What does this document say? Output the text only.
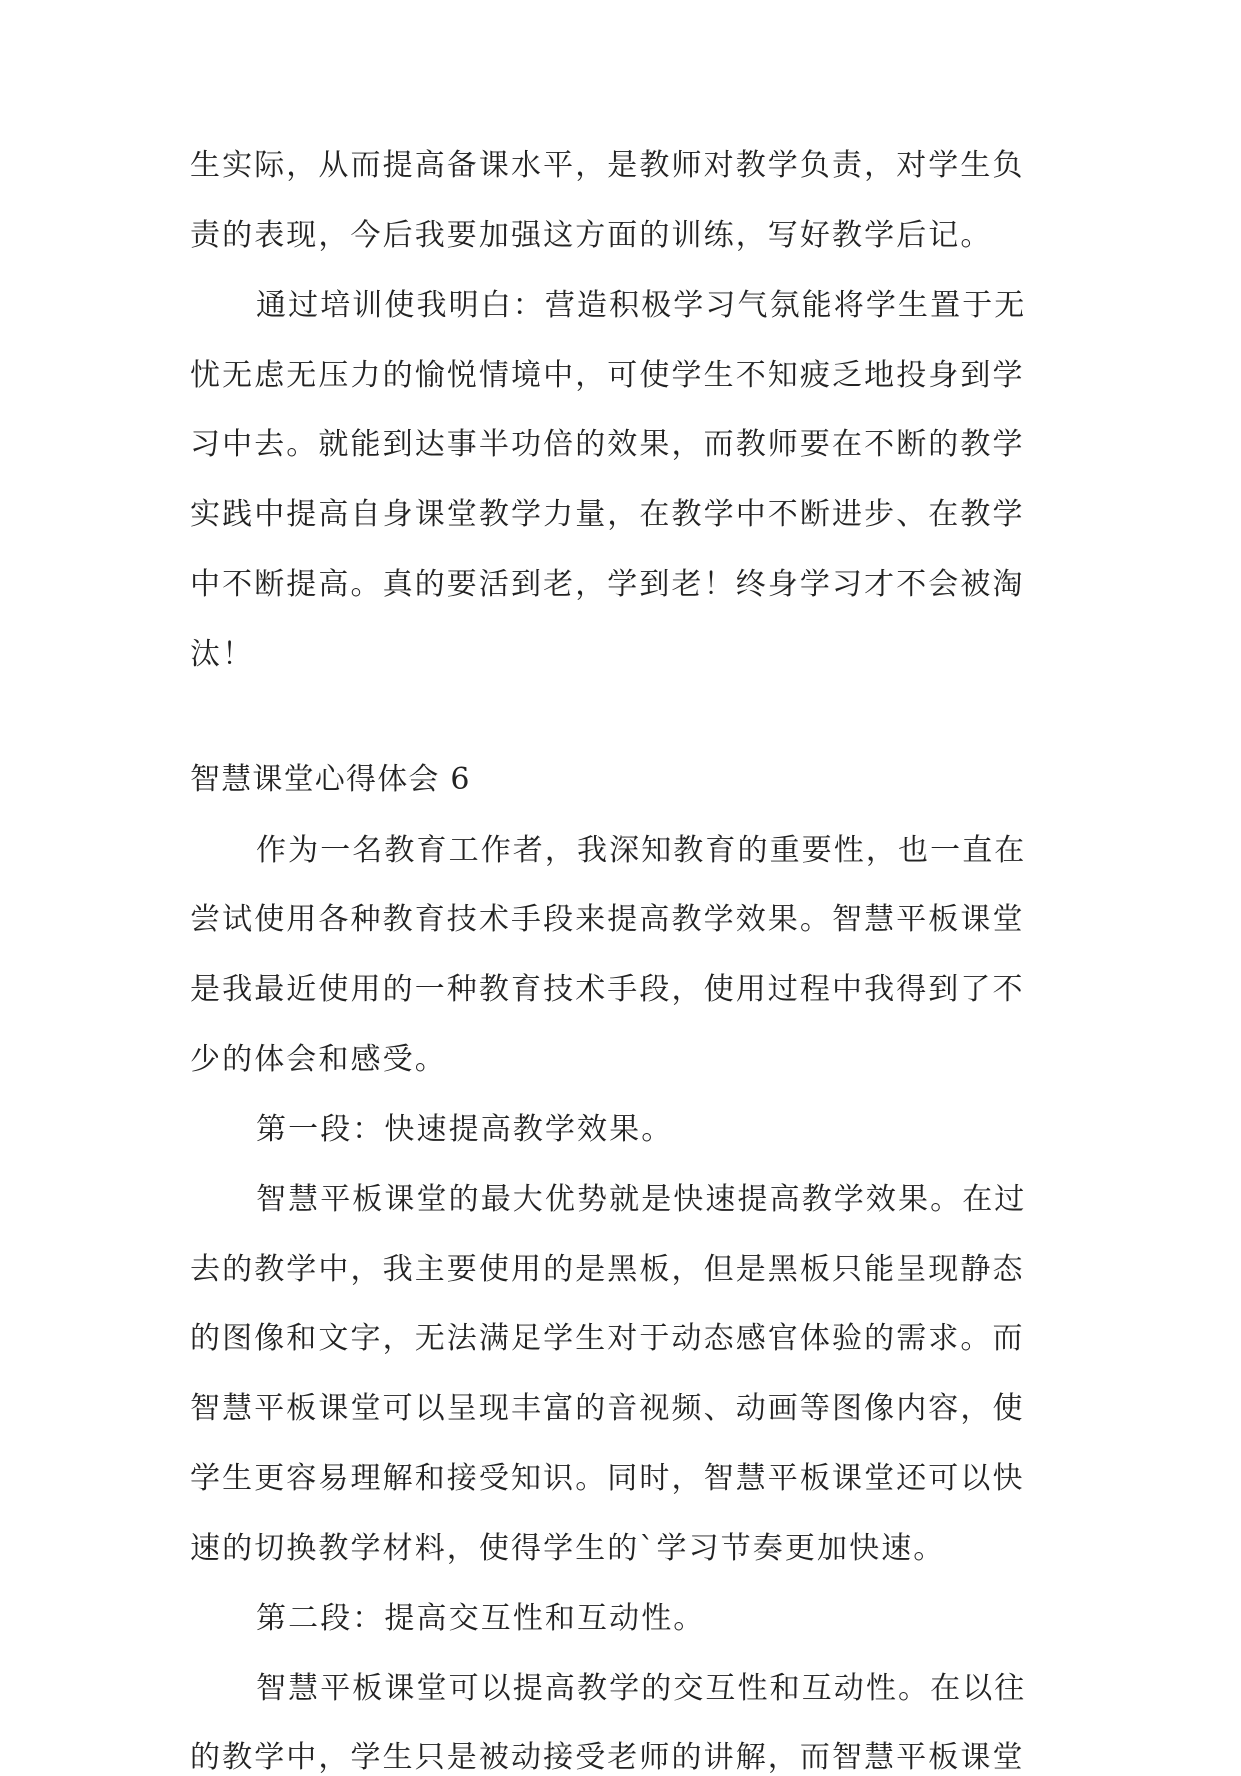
生实际，从而提高备课水平，是教师对教学负责，对学生负
责的表现，今后我要加强这方面的训练，写好教学后记。
通过培训使我明白：营造积极学习气氛能将学生置于无
忧无虑无压力的愉悦情境中，可使学生不知疲乏地投身到学
习中去。就能到达事半功倍的效果，而教师要在不断的教学
实践中提高自身课堂教学力量，在教学中不断进步、在教学
中不断提高。真的要活到老，学到老！终身学习才不会被淘
汰！
智慧课堂心得体会 6
作为一名教育工作者，我深知教育的重要性，也一直在
尝试使用各种教育技术手段来提高教学效果。智慧平板课堂
是我最近使用的一种教育技术手段，使用过程中我得到了不
少的体会和感受。
第一段：快速提高教学效果。
智慧平板课堂的最大优势就是快速提高教学效果。在过
去的教学中，我主要使用的是黑板，但是黑板只能呈现静态
的图像和文字，无法满足学生对于动态感官体验的需求。而
智慧平板课堂可以呈现丰富的音视频、动画等图像内容，使
学生更容易理解和接受知识。同时，智慧平板课堂还可以快
速的切换教学材料，使得学生的`学习节奏更加快速。
第二段：提高交互性和互动性。
智慧平板课堂可以提高教学的交互性和互动性。在以往
的教学中，学生只是被动接受老师的讲解，而智慧平板课堂
